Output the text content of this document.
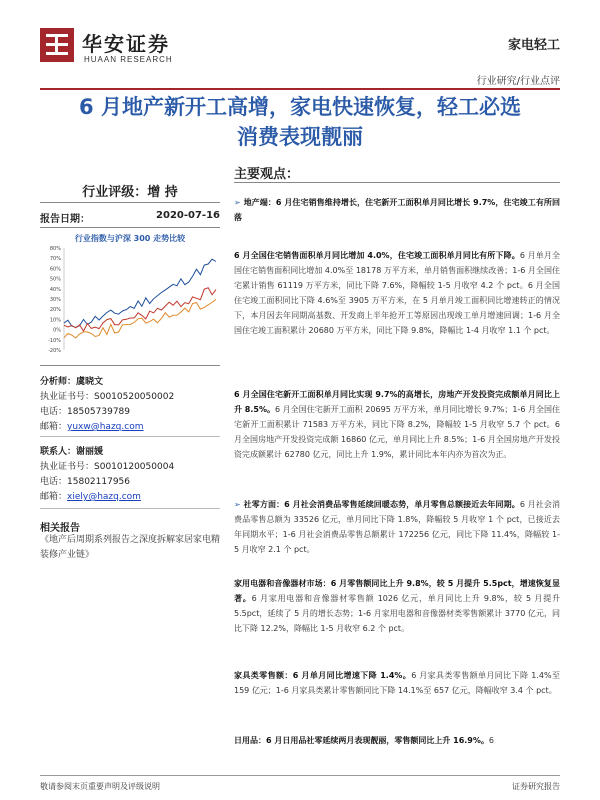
华安证券
HUAAN RESEARCH
家电轻工
行业研究/行业点评
6 月地产新开工高增，家电快速恢复，轻工必选
消费表现靓丽
行业评级：增 持
报告日期：	2020-07-16
行业指数与沪深 300 走势比较
80%
70%
60%
50%
40%
30%
20%
10%
0%
-10%
-20%
分析师：虞晓文
执业证书号：S0010520050002
电话：18505739789
邮箱：yuxw@hazq.com
联系人：谢丽媛
执业证书号：S0010120050004
电话：15802117956
邮箱：xiely@hazq.com
相关报告
《地产后周期系列报告之深度拆解家居家电精装修产业链》
主要观点：
➢ 地产端：6 月住宅销售维持增长，住宅新开工面积单月同比增长 9.7%，住宅竣工有所回落
6 月全国住宅销售面积单月同比增加 4.0%，住宅竣工面积单月同比有所下降。6 月单月全国住宅销售面积同比增加 4.0%至 18178 万平方米，单月销售面积继续改善；1-6 月全国住宅累计销售 61119 万平方米，同比下降 7.6%，降幅较 1-5 月收窄 4.2 个 pct。6 月全国住宅竣工面积同比下降 4.6%至 3905 万平方米，在 5 月单月竣工面积同比增速转正的情况下，本月因去年同期高基数、开发商上半年抢开工等原因出现竣工单月增速回调；1-6 月全国住宅竣工面积累计 20680 万平方米，同比下降 9.8%，降幅比 1-4 月收窄 1.1 个 pct。
6 月全国住宅新开工面积单月同比实现 9.7%的高增长，房地产开发投资完成额单月同比上升 8.5%。6 月全国住宅新开工面积 20695 万平方米，单月同比增长 9.7%；1-6 月全国住宅新开工面积累计 71583 万平方米，同比下降 8.2%，降幅较 1-5 月收窄 5.7 个 pct。6 月全国房地产开发投资完成额 16860 亿元，单月同比上升 8.5%；1-6 月全国房地产开发投资完成额累计 62780 亿元，同比上升 1.9%，累计同比本年内亦为首次为正。
➢ 社零方面：6 月社会消费品零售延续回暖态势，单月零售总额接近去年同期。6 月社会消费品零售总额为 33526 亿元，单月同比下降 1.8%，降幅较 5 月收窄 1 个 pct，已接近去年同期水平；1-6 月社会消费品零售总额累计 172256 亿元，同比下降 11.4%，降幅较 1-5 月收窄 2.1 个 pct。
家用电器和音像器材市场：6 月零售额同比上升 9.8%，较 5 月提升 5.5pct，增速恢复显著。6 月家用电器和音像器材零售额 1026 亿元，单月同比上升 9.8%，较 5 月提升 5.5pct，延续了 5 月的增长态势；1-6 月家用电器和音像器材类零售额累计 3770 亿元，同比下降 12.2%，降幅比 1-5 月收窄 6.2 个 pct。
家具类零售额：6 月单月同比增速下降 1.4%。6 月家具类零售额单月同比下降 1.4%至 159 亿元；1-6 月家具类累计零售额同比下降 14.1%至 657 亿元，降幅收窄 3.4 个 pct。
日用品：6 月日用品社零延续两月表现靓丽，零售额同比上升 16.9%。6
敬请参阅末页重要声明及评级说明	证券研究报告
